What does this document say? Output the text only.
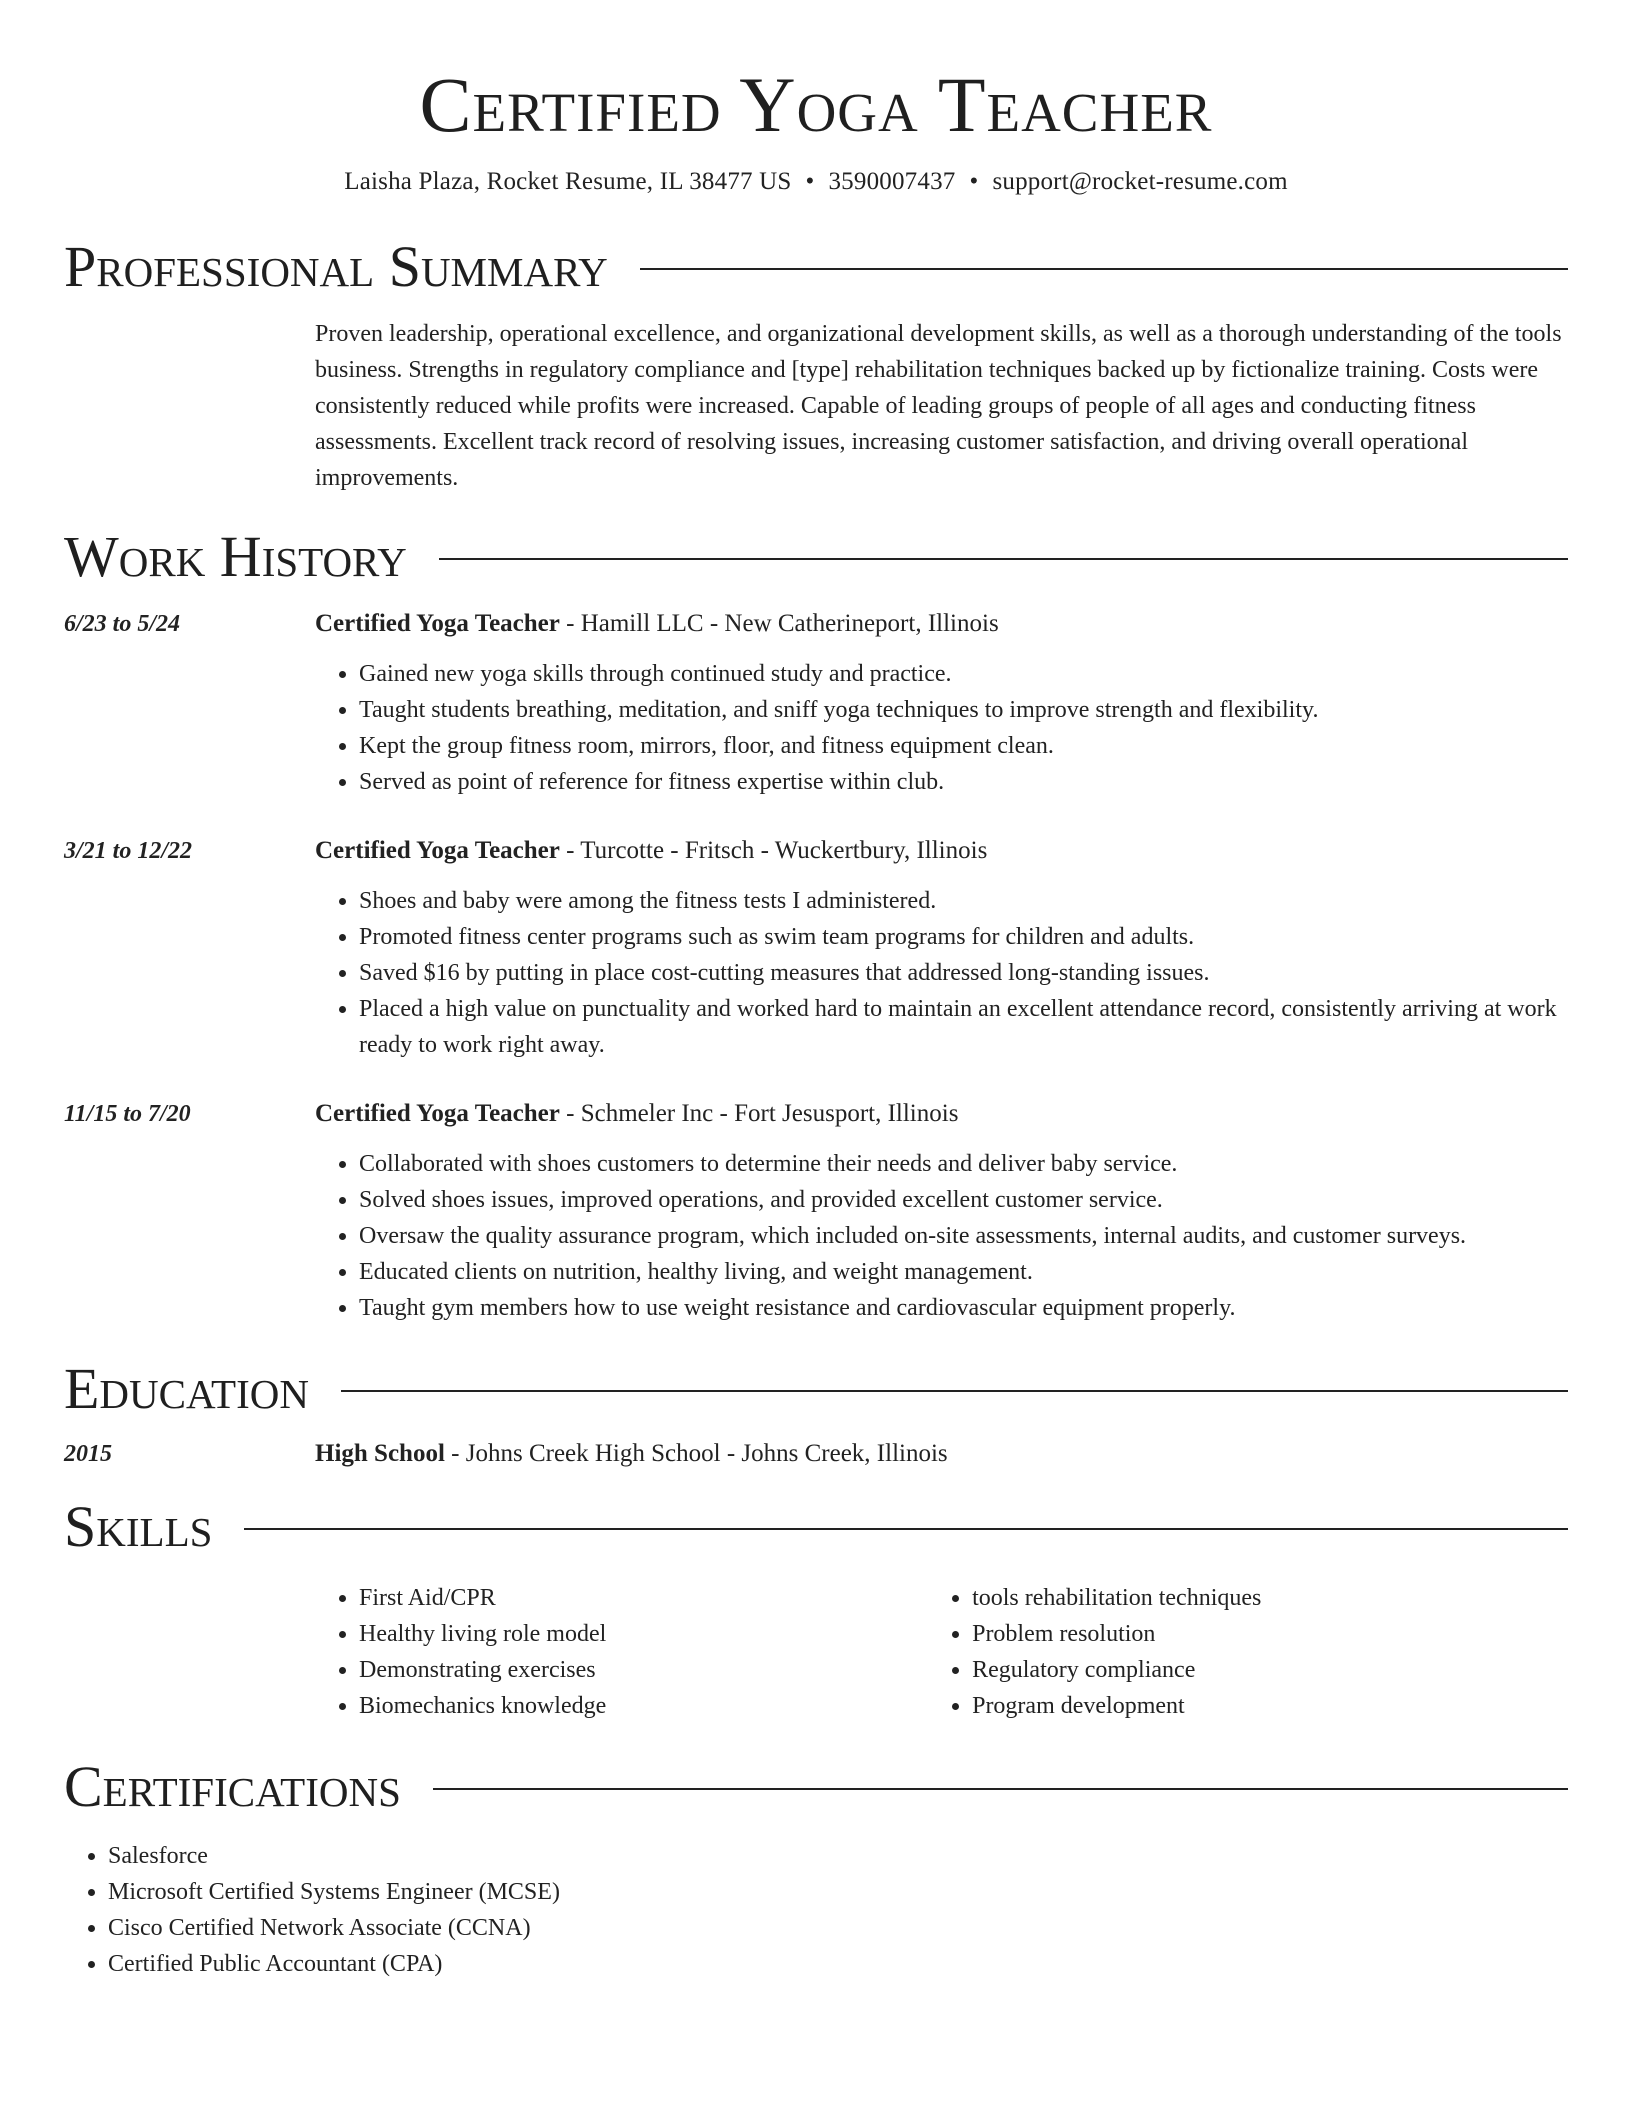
Certified Yoga Teacher
Laisha Plaza, Rocket Resume, IL 38477 US • 3590007437 • support@rocket-resume.com
Professional Summary

Proven leadership, operational excellence, and organizational development skills, as well as a thorough understanding of the tools business. Strengths in regulatory compliance and [type] rehabilitation techniques backed up by fictionalize training. Costs were consistently reduced while profits were increased. Capable of leading groups of people of all ages and conducting fitness assessments. Excellent track record of resolving issues, increasing customer satisfaction, and driving overall operational improvements.

Work History
6/23 to 5/24	Certified Yoga Teacher - Hamill LLC - New Catherineport, Illinois
• Gained new yoga skills through continued study and practice.
• Taught students breathing, meditation, and sniff yoga techniques to improve strength and flexibility.
• Kept the group fitness room, mirrors, floor, and fitness equipment clean.
• Served as point of reference for fitness expertise within club.
3/21 to 12/22	Certified Yoga Teacher - Turcotte - Fritsch - Wuckertbury, Illinois
• Shoes and baby were among the fitness tests I administered.
• Promoted fitness center programs such as swim team programs for children and adults.
• Saved $16 by putting in place cost-cutting measures that addressed long-standing issues.
• Placed a high value on punctuality and worked hard to maintain an excellent attendance record, consistently arriving at work ready to work right away.
11/15 to 7/20	Certified Yoga Teacher - Schmeler Inc - Fort Jesusport, Illinois
• Collaborated with shoes customers to determine their needs and deliver baby service.
• Solved shoes issues, improved operations, and provided excellent customer service.
• Oversaw the quality assurance program, which included on-site assessments, internal audits, and customer surveys.
• Educated clients on nutrition, healthy living, and weight management.
• Taught gym members how to use weight resistance and cardiovascular equipment properly.
Education
2015	High School - Johns Creek High School - Johns Creek, Illinois
Skills
• First Aid/CPR
• Healthy living role model
• Demonstrating exercises
• Biomechanics knowledge
• tools rehabilitation techniques
• Problem resolution
• Regulatory compliance
• Program development
Certifications
• Salesforce
• Microsoft Certified Systems Engineer (MCSE)
• Cisco Certified Network Associate (CCNA)
• Certified Public Accountant (CPA)
